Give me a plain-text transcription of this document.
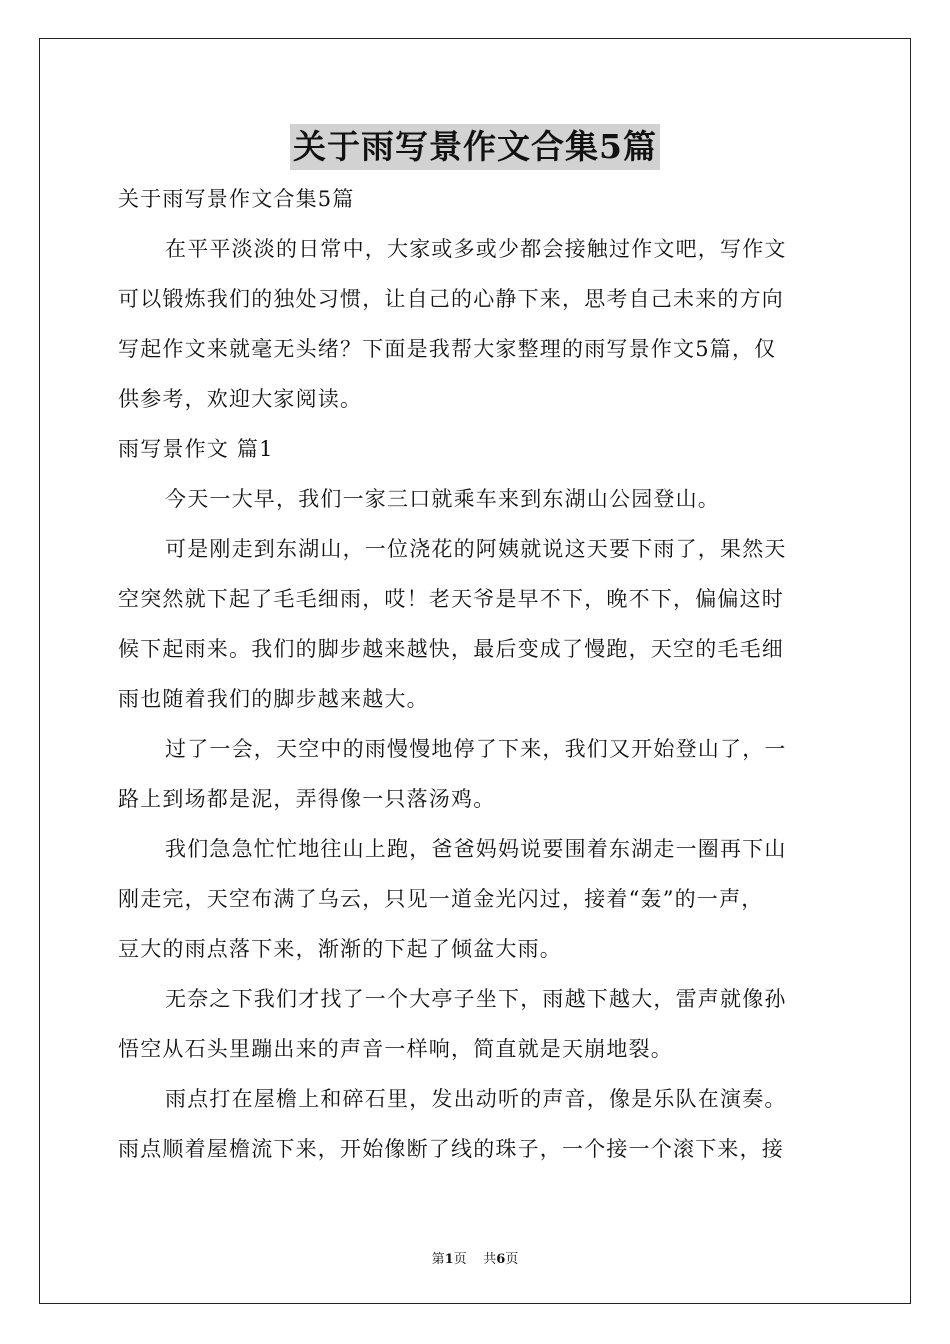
关于雨写景作文合集5篇
关于雨写景作文合集5篇
在平平淡淡的日常中，大家或多或少都会接触过作文吧，写作文
可以锻炼我们的独处习惯，让自己的心静下来，思考自己未来的方向
写起作文来就毫无头绪？下面是我帮大家整理的雨写景作文5篇，仅
供参考，欢迎大家阅读。
雨写景作文 篇1
今天一大早，我们一家三口就乘车来到东湖山公园登山。
可是刚走到东湖山，一位浇花的阿姨就说这天要下雨了，果然天
空突然就下起了毛毛细雨，哎！老天爷是早不下，晚不下，偏偏这时
候下起雨来。我们的脚步越来越快，最后变成了慢跑，天空的毛毛细
雨也随着我们的脚步越来越大。
过了一会，天空中的雨慢慢地停了下来，我们又开始登山了，一
路上到场都是泥，弄得像一只落汤鸡。
我们急急忙忙地往山上跑，爸爸妈妈说要围着东湖走一圈再下山
刚走完，天空布满了乌云，只见一道金光闪过，接着“轰”的一声，
豆大的雨点落下来，渐渐的下起了倾盆大雨。
无奈之下我们才找了一个大亭子坐下，雨越下越大，雷声就像孙
悟空从石头里蹦出来的声音一样响，简直就是天崩地裂。
雨点打在屋檐上和碎石里，发出动听的声音，像是乐队在演奏。
雨点顺着屋檐流下来，开始像断了线的珠子，一个接一个滚下来，接
第1页 共6页
